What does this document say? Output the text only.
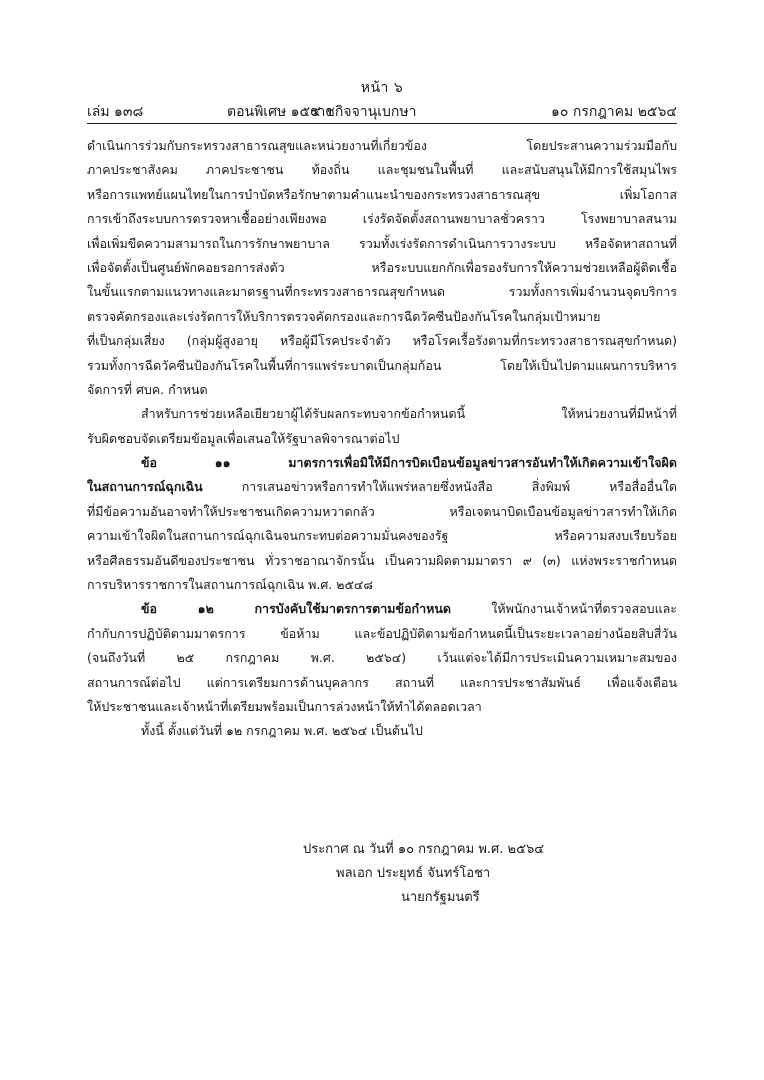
หน้า ๖
เล่ม ๑๓๘	ตอนพิเศษ ๑๕๔ ง
ราชกิจจานุเบกษา	๑๐ กรกฎาคม ๒๕๖๔
ดำเนินการร่วมกับกระทรวงสาธารณสุขและหน่วยงานที่เกี่ยวข้อง โดยประสานความร่วมมือกับ
ภาคประชาสังคม ภาคประชาชน ท้องถิ่น และชุมชนในพื้นที่ และสนับสนุนให้มีการใช้สมุนไพร
หรือการแพทย์แผนไทยในการบำบัดหรือรักษาตามคำแนะนำของกระทรวงสาธารณสุข เพิ่มโอกาส
การเข้าถึงระบบการตรวจหาเชื้ออย่างเพียงพอ เร่งรัดจัดตั้งสถานพยาบาลชั่วคราว โรงพยาบาลสนาม
เพื่อเพิ่มขีดความสามารถในการรักษาพยาบาล รวมทั้งเร่งรัดการดำเนินการวางระบบ หรือจัดหาสถานที่
เพื่อจัดตั้งเป็นศูนย์พักคอยรอการส่งตัว หรือระบบแยกกักเพื่อรองรับการให้ความช่วยเหลือผู้ติดเชื้อ
ในขั้นแรกตามแนวทางและมาตรฐานที่กระทรวงสาธารณสุขกำหนด รวมทั้งการเพิ่มจำนวนจุดบริการ
ตรวจคัดกรองและเร่งรัดการให้บริการตรวจคัดกรองและการฉีดวัคซีนป้องกันโรคในกลุ่มเป้าหมาย
ที่เป็นกลุ่มเสี่ยง (กลุ่มผู้สูงอายุ หรือผู้มีโรคประจำตัว หรือโรคเรื้อรังตามที่กระทรวงสาธารณสุขกำหนด)
รวมทั้งการฉีดวัคซีนป้องกันโรคในพื้นที่การแพร่ระบาดเป็นกลุ่มก้อน โดยให้เป็นไปตามแผนการบริหาร
จัดการที่ ศบค. กำหนด
สำหรับการช่วยเหลือเยียวยาผู้ได้รับผลกระทบจากข้อกำหนดนี้ ให้หน่วยงานที่มีหน้าที่
รับผิดชอบจัดเตรียมข้อมูลเพื่อเสนอให้รัฐบาลพิจารณาต่อไป
ข้อ ๑๑ มาตรการเพื่อมิให้มีการบิดเบือนข้อมูลข่าวสารอันทำให้เกิดความเข้าใจผิด
ในสถานการณ์ฉุกเฉิน	การเสนอข่าวหรือการทำให้แพร่หลายซึ่งหนังสือ สิ่งพิมพ์ หรือสื่ออื่นใด
ที่มีข้อความอันอาจทำให้ประชาชนเกิดความหวาดกลัว หรือเจตนาบิดเบือนข้อมูลข่าวสารทำให้เกิด
ความเข้าใจผิดในสถานการณ์ฉุกเฉินจนกระทบต่อความมั่นคงของรัฐ หรือความสงบเรียบร้อย
หรือศีลธรรมอันดีของประชาชน ทั่วราชอาณาจักรนั้น เป็นความผิดตามมาตรา ๙ (๓) แห่งพระราชกำหนด
การบริหารราชการในสถานการณ์ฉุกเฉิน พ.ศ. ๒๕๔๘
ข้อ ๑๒ การบังคับใช้มาตรการตามข้อกำหนด	ให้พนักงานเจ้าหน้าที่ตรวจสอบและ
กำกับการปฏิบัติตามมาตรการ ข้อห้าม และข้อปฏิบัติตามข้อกำหนดนี้เป็นระยะเวลาอย่างน้อยสิบสี่วัน
(จนถึงวันที่ ๒๕ กรกฎาคม พ.ศ. ๒๕๖๔) เว้นแต่จะได้มีการประเมินความเหมาะสมของ
สถานการณ์ต่อไป แต่การเตรียมการด้านบุคลากร สถานที่ และการประชาสัมพันธ์ เพื่อแจ้งเตือน
ให้ประชาชนและเจ้าหน้าที่เตรียมพร้อมเป็นการล่วงหน้าให้ทำได้ตลอดเวลา
ทั้งนี้ ตั้งแต่วันที่ ๑๒ กรกฎาคม พ.ศ. ๒๕๖๔ เป็นต้นไป
ประกาศ ณ วันที่ ๑๐ กรกฎาคม พ.ศ. ๒๕๖๔
พลเอก ประยุทธ์ จันทร์โอชา
นายกรัฐมนตรี
